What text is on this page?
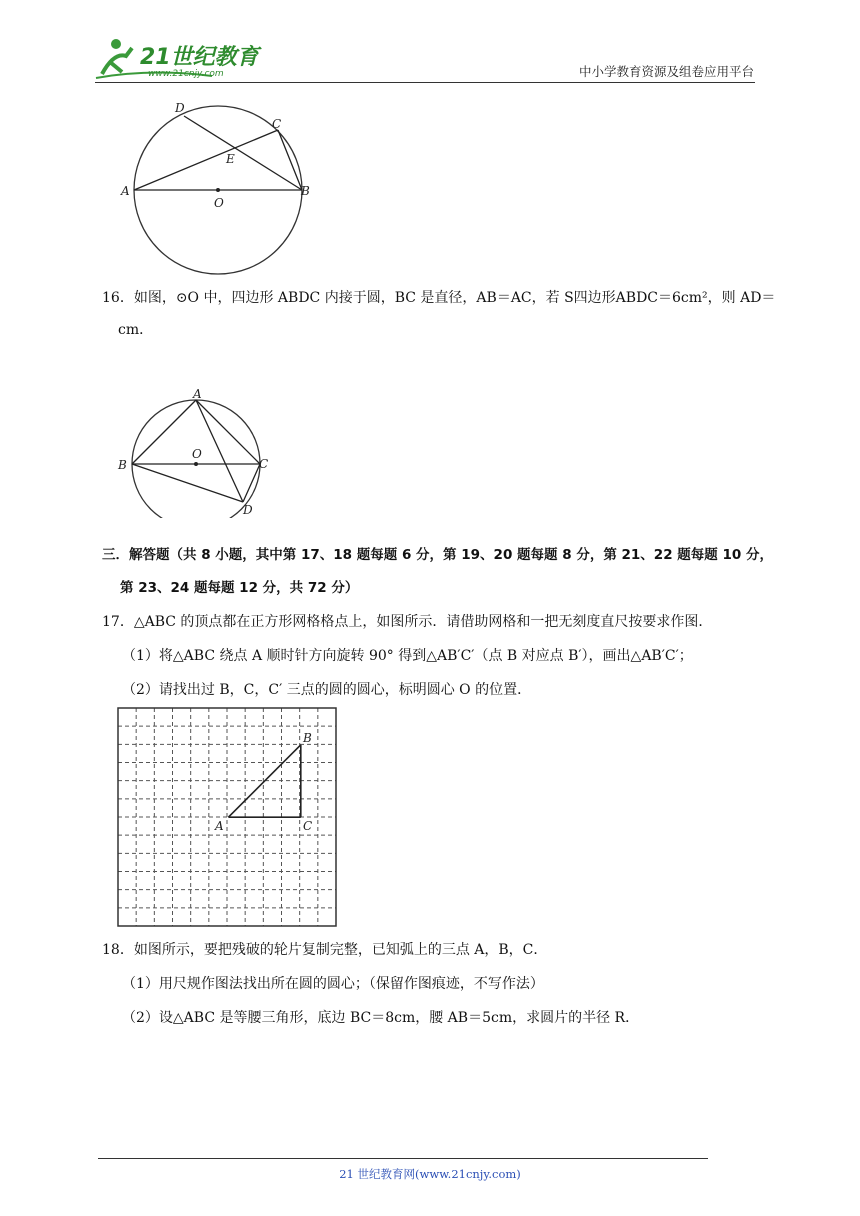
21世纪教育
www.21cnjy.com	中小学教育资源及组卷应用平台
D
C
E
A
O
B
16．如图，⊙O 中，四边形 ABDC 内接于圆，BC 是直径，AB＝AC，若 S四边形ABDC＝6cm²，则 AD＝
cm．
A
B
O
C
D
三．解答题（共 8 小题，其中第 17、18 题每题 6 分，第 19、20 题每题 8 分，第 21、22 题每题 10 分，
第 23、24 题每题 12 分，共 72 分）
17．△ABC 的顶点都在正方形网格格点上，如图所示．请借助网格和一把无刻度直尺按要求作图．
（1）将△ABC 绕点 A 顺时针方向旋转 90° 得到△AB′C′（点 B 对应点 B′），画出△AB′C′；
（2）请找出过 B，C，C′ 三点的圆的圆心，标明圆心 O 的位置．
B
A	C
18．如图所示，要把残破的轮片复制完整，已知弧上的三点 A，B，C．
（1）用尺规作图法找出所在圆的圆心；（保留作图痕迹，不写作法）
（2）设△ABC 是等腰三角形，底边 BC＝8cm，腰 AB＝5cm，求圆片的半径 R．
21 世纪教育网(www.21cnjy.com)
